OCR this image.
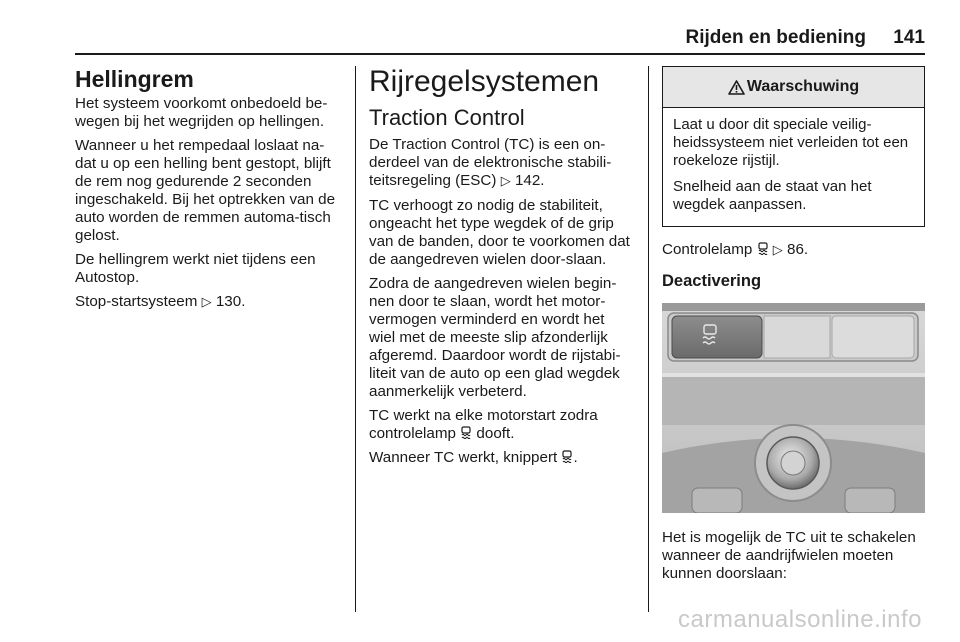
Rijden en bediening 141
Hellingrem

Het systeem voorkomt onbedoeld be-wegen bij het wegrijden op hellingen.

Wanneer u het rempedaal loslaat na-dat u op een helling bent gestopt, blijft de rem nog gedurende 2 seconden ingeschakeld. Bij het optrekken van de auto worden de remmen automa-tisch gelost.

De hellingrem werkt niet tijdens een Autostop.

Stop-startsysteem ▷ 130.

Rijregelsystemen
Traction Control

De Traction Control (TC) is een on-derdeel van de elektronische stabili-teitsregeling (ESC) ▷ 142.

TC verhoogt zo nodig de stabiliteit, ongeacht het type wegdek of de grip van de banden, door te voorkomen dat de aangedreven wielen door-slaan.

Zodra de aangedreven wielen begin-nen door te slaan, wordt het motor-vermogen verminderd en wordt het wiel met de meeste slip afzonderlijk afgeremd. Daardoor wordt de rijstabi-liteit van de auto op een glad wegdek aanmerkelijk verbeterd.

TC werkt na elke motorstart zodra controlelamp dooft.

Wanneer TC werkt, knippert .

Waarschuwing

Laat u door dit speciale veilig-heidssysteem niet verleiden tot een roekeloze rijstijl.

Snelheid aan de staat van het wegdek aanpassen.

Controlelamp ▷ 86.

Deactivering

Het is mogelijk de TC uit te schakelen wanneer de aandrijfwielen moeten kunnen doorslaan:

carmanualsonline.info
